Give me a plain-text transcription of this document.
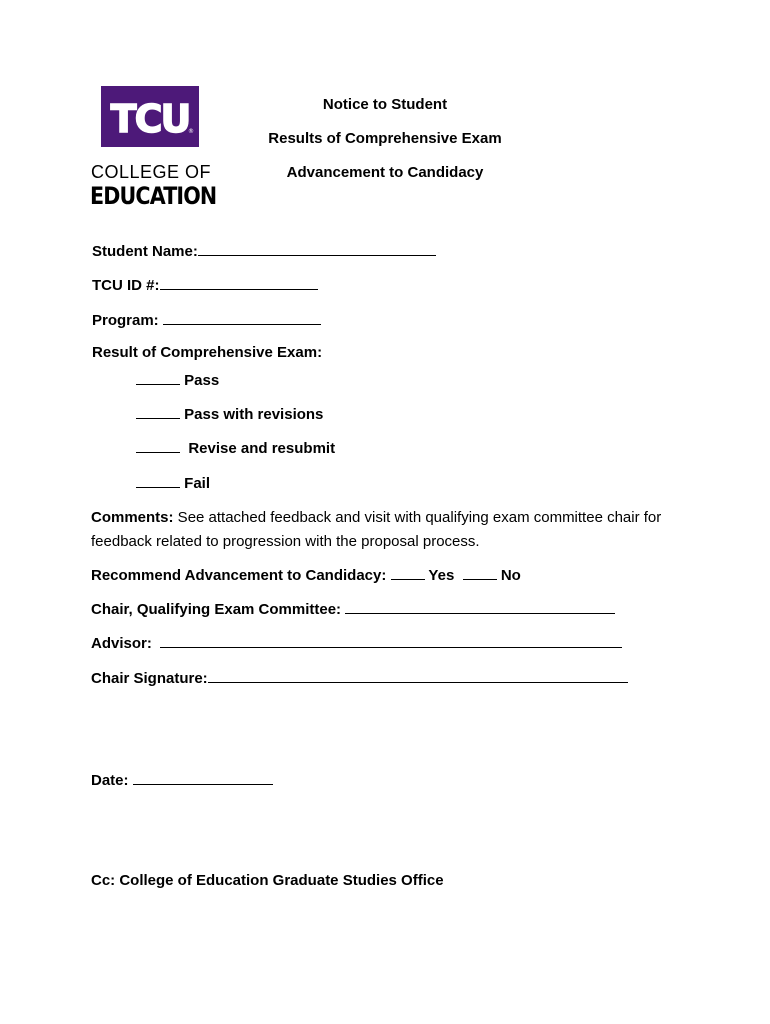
TCU
®
COLLEGE OF
EDUCATION
Notice to Student
Results of Comprehensive Exam
Advancement to Candidacy
Student Name:
TCU ID #:
Program:
Result of Comprehensive Exam:
Pass
Pass with revisions
Revise and resubmit
Fail
Comments: See attached feedback and visit with qualifying exam committee chair for feedback related to progression with the proposal process.
Recommend Advancement to Candidacy:	Yes	No
Chair, Qualifying Exam Committee:
Advisor:
Chair Signature:
Date:
Cc: College of Education Graduate Studies Office
